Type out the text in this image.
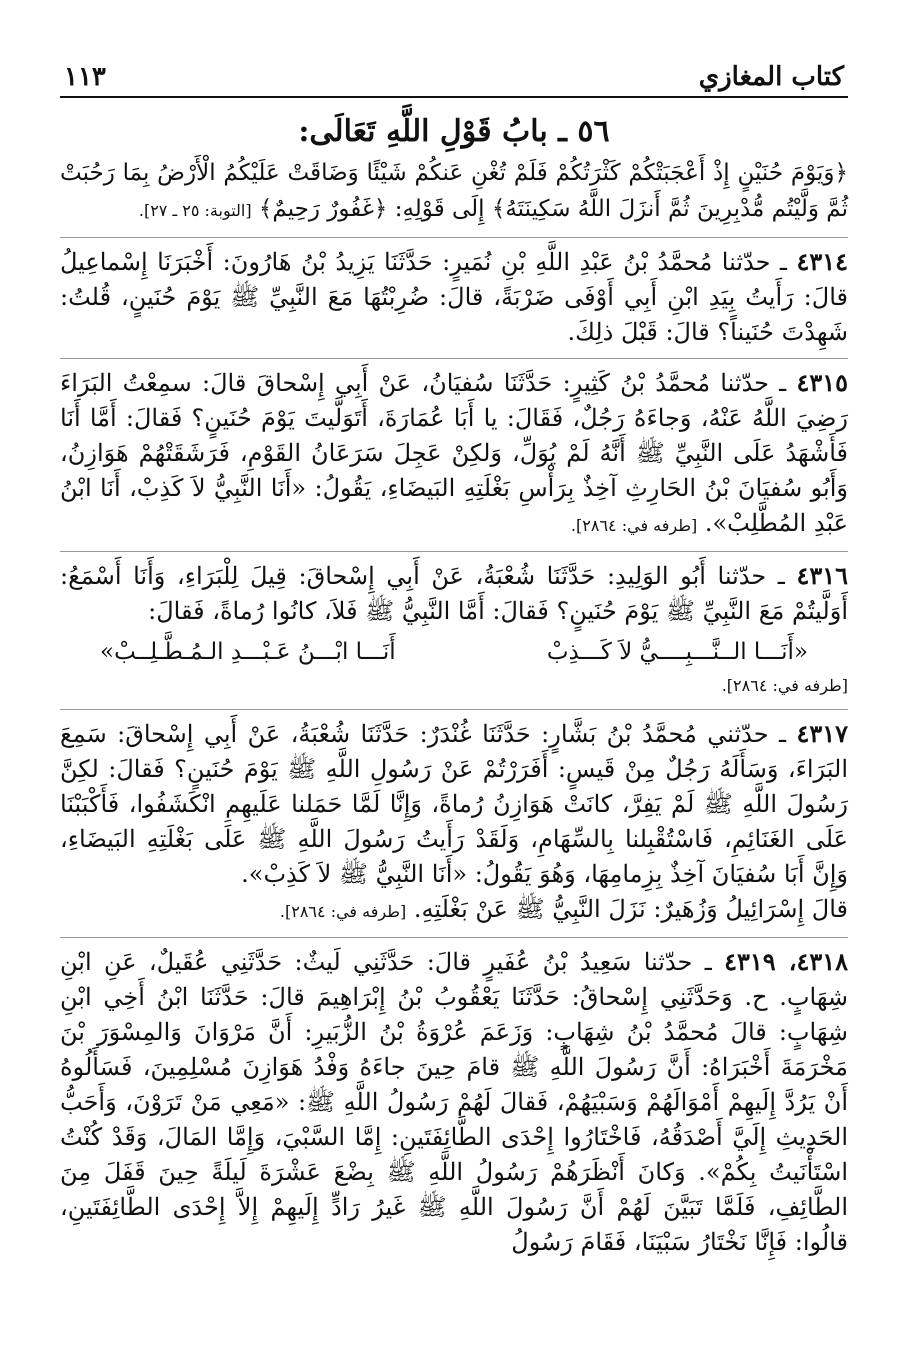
كتاب المغازي
١١٣
٥٦ ـ بابُ قَوْلِ اللَّهِ تَعَالَى:

﴿وَيَوْمَ حُنَيْنٍ إِذْ أَعْجَبَتْكُمْ كَثْرَتُكُمْ فَلَمْ تُغْنِ عَنكُمْ شَيْئًا وَضَاقَتْ عَلَيْكُمُ الْأَرْضُ بِمَا رَحُبَتْ ثُمَّ وَلَّيْتُم مُّدْبِرِينَ ثُمَّ أَنزَلَ اللَّهُ سَكِينَتَهُ﴾ إِلَى قَوْلِهِ: ﴿غَفُورٌ رَحِيمٌ﴾ [التوبة: ٢٥ ـ ٢٧].

٤٣١٤ ـ حدّثنا مُحمَّدُ بْنُ عَبْدِ اللَّهِ بْنِ نُمَيرٍ: حَدَّثَنَا يَزِيدُ بْنُ هَارُونَ: أَخْبَرَنَا إِسْماعِيلُ قالَ: رَأَيتُ بِيَدِ ابْنِ أَبِي أَوْفَى ضَرْبَةً، قالَ: ضُرِبْتُهَا مَعَ النَّبِيِّ ﷺ يَوْمَ حُنَينٍ، قُلتُ: شَهِدْتَ حُنَيناً؟ قالَ: قَبْلَ ذلِكَ.

٤٣١٥ ـ حدّثنا مُحمَّدُ بْنُ كَثِيرٍ: حَدَّثَنَا سُفيَانُ، عَنْ أَبِي إِسْحاقَ قالَ: سمِعْتُ البَرَاءَ رَضِيَ اللَّهُ عَنْهُ، وَجاءَهُ رَجُلٌ، فَقَالَ: يا أَبَا عُمَارَةَ، أَتَوَلَّيتَ يَوْمَ حُنَينٍ؟ فَقالَ: أَمَّا أَنَا فَأَشْهَدُ عَلَى النَّبِيِّ ﷺ أَنَّهُ لَمْ يُوَلِّ، وَلكِنْ عَجِلَ سَرَعَانُ القَوْمِ، فَرَشَقَتْهُمْ هَوَازِنُ، وَأَبُو سُفيَانَ بْنُ الحَارِثِ آخِذٌ بِرَأْسِ بَغْلَتِهِ البَيضَاءِ، يَقُولُ: «أَنَا النَّبِيُّ لاَ كَذِبْ، أَنَا ابْنُ عَبْدِ المُطَّلِبْ». [طرفه في: ٢٨٦٤].

٤٣١٦ ـ حدّثنا أَبُو الوَلِيدِ: حَدَّثَنَا شُعْبَةُ، عَنْ أَبِي إِسْحاقَ: قِيلَ لِلْبَرَاءِ، وَأَنَا أَسْمَعُ: أَوَلَّيتُمْ مَعَ النَّبِيِّ ﷺ يَوْمَ حُنَينٍ؟ فَقالَ: أَمَّا النَّبِيُّ ﷺ فَلاَ، كانُوا رُماةً، فَقالَ:

«أَنَـــا الــنَّـــبِــــيُّ لاَ كَـــذِبْ
أَنَـــا ابْـــنُ عَـبْـــدِ الـمُـطَّـلِــبْ»
[طرفه في: ٢٨٦٤].

٤٣١٧ ـ حدّثني مُحمَّدُ بْنُ بَشَّارٍ: حَدَّثَنَا غُنْدَرٌ: حَدَّثَنَا شُعْبَةُ، عَنْ أَبِي إِسْحاقَ: سَمِعَ البَرَاءَ، وَسَأَلَهُ رَجُلٌ مِنْ قَيسٍ: أَفَرَرْتُمْ عَنْ رَسُولِ اللَّهِ ﷺ يَوْمَ حُنَينٍ؟ فَقالَ: لكِنَّ رَسُولَ اللَّهِ ﷺ لَمْ يَفِرَّ، كانَتْ هَوَازِنُ رُماةً، وَإِنَّا لَمَّا حَمَلنا عَلَيهِمِ انْكَشَفُوا، فَأَكْبَبْنَا عَلَى الغَنَائِمِ، فَاسْتُقْبِلنا بِالسِّهَامِ، وَلَقَدْ رَأَيتُ رَسُولَ اللَّهِ ﷺ عَلَى بَغْلَتِهِ البَيضَاءِ، وَإِنَّ أَبَا سُفيَانَ آخِذٌ بِزِمامِهَا، وَهُوَ يَقُولُ: «أَنَا النَّبِيُّ ﷺ لاَ كَذِبْ».

قالَ إِسْرَائِيلُ وَزُهَيرٌ: نَزَلَ النَّبِيُّ ﷺ عَنْ بَغْلَتِهِ. [طرفه في: ٢٨٦٤].

٤٣١٨، ٤٣١٩ ـ حدّثنا سَعِيدُ بْنُ عُفَيرٍ قالَ: حَدَّثَنِي لَيثٌ: حَدَّثَنِي عُقَيلٌ، عَنِ ابْنِ شِهَابٍ. ح. وَحَدَّثَنِي إِسْحاقُ: حَدَّثَنَا يَعْقُوبُ بْنُ إِبْرَاهِيمَ قالَ: حَدَّثَنَا ابْنُ أَخِي ابْنِ شِهَابٍ: قالَ مُحمَّدُ بْنُ شِهَابٍ: وَزَعَمَ عُرْوَةُ بْنُ الزُّبَيرِ: أَنَّ مَرْوَانَ وَالمِسْوَرَ بْنَ مَخْرَمَةَ أَخْبَرَاهُ: أَنَّ رَسُولَ اللَّهِ ﷺ قامَ حِينَ جاءَهُ وَفْدُ هَوَازِنَ مُسْلِمِينَ، فَسَأَلُوهُ أَنْ يَرُدَّ إِلَيهِمْ أَمْوَالَهُمْ وَسَبْيَهُمْ، فَقالَ لَهُمْ رَسُولُ اللَّهِ ﷺ: «مَعِي مَنْ تَرَوْنَ، وَأَحَبُّ الحَدِيثِ إِلَيَّ أَصْدَقُهُ، فَاخْتَارُوا إِحْدَى الطَّائِفَتَينِ: إِمَّا السَّبْيَ، وَإِمَّا المَالَ، وَقَدْ كُنْتُ اسْتَأْنَيتُ بِكُمْ». وَكانَ أَنْظَرَهُمْ رَسُولُ اللَّهِ ﷺ بِضْعَ عَشْرَةَ لَيلَةً حِينَ قَفَلَ مِنَ الطَّائِفِ، فَلَمَّا تَبَيَّنَ لَهُمْ أَنَّ رَسُولَ اللَّهِ ﷺ غَيرُ رَادٍّ إِلَيهِمْ إِلاَّ إِحْدَى الطَّائِفَتَينِ، قالُوا: فَإِنَّا نَخْتَارُ سَبْيَنَا، فَقَامَ رَسُولُ
